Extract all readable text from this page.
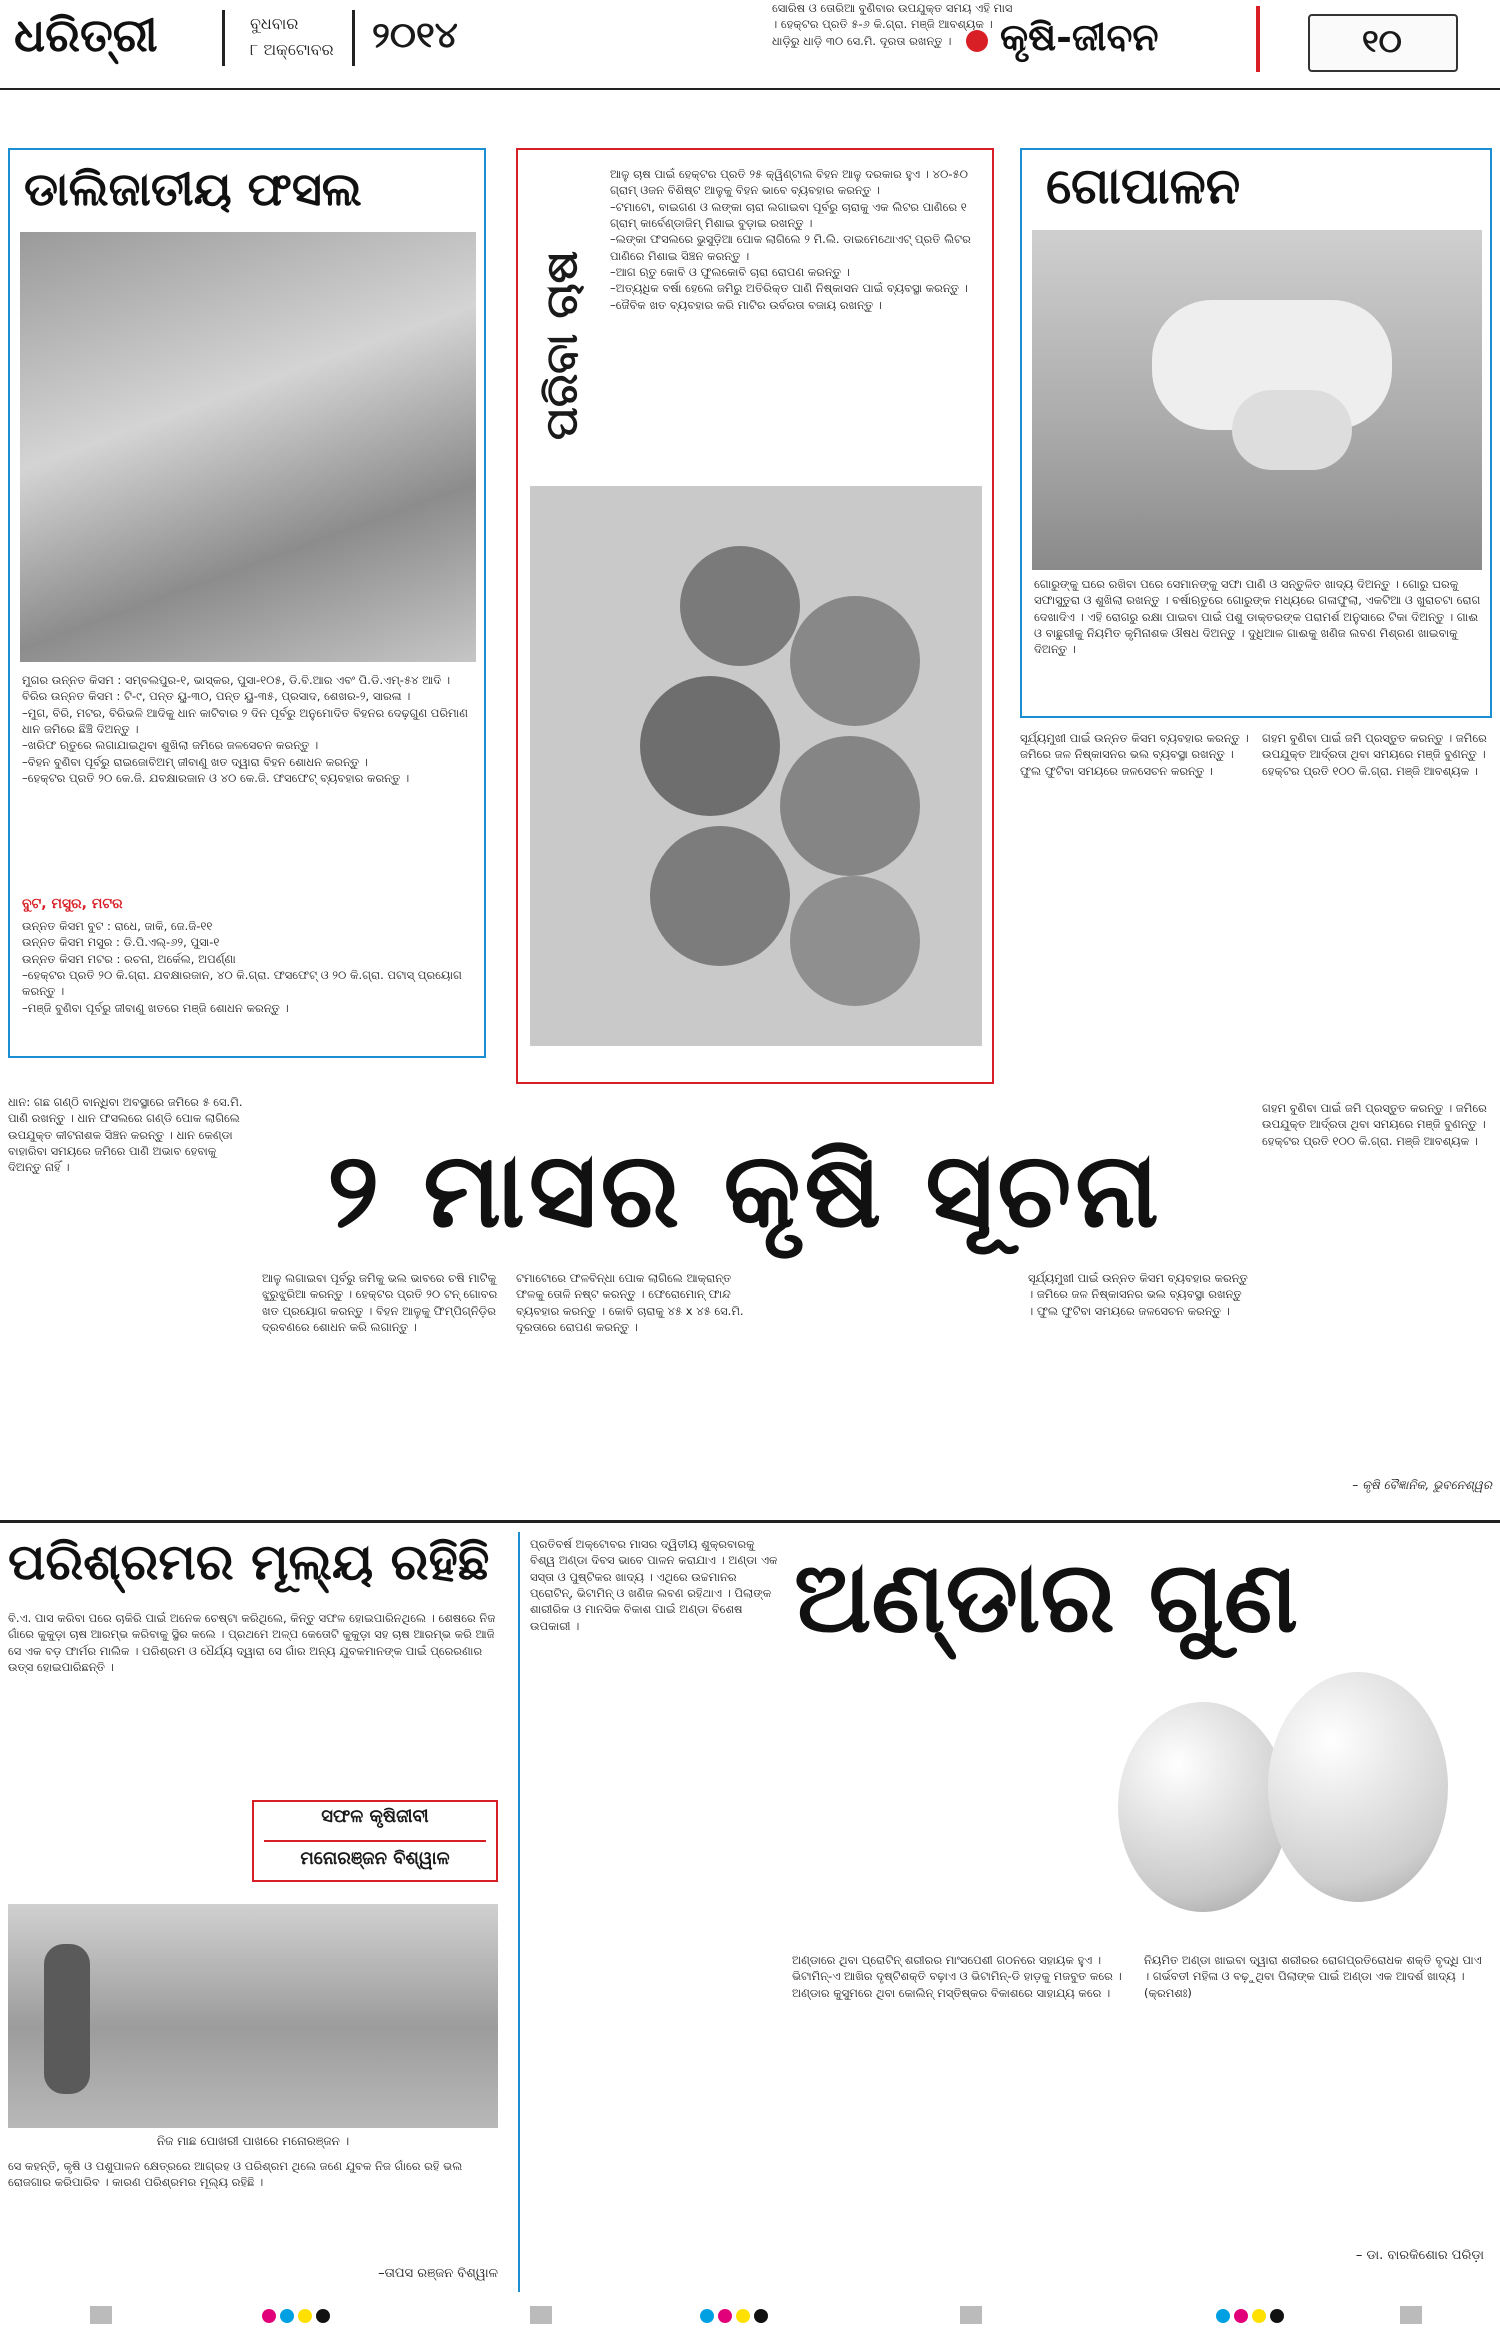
ଧରିତ୍ରୀ	ବୁଧବାର
୮ ଅକ୍ଟୋବର ୨୦୧୪	କୃଷି-ଜୀବନ	୧୦
ଡାଲିଜାତୀୟ ଫସଲ
ମୁଗର ଉନ୍ନତ କିସମ : ସମ୍ବଲପୁର-୧, ଭାସ୍କର, ପୁସା-୧୦୫, ଡି.ବି.ଆର ଏବଂ ପି.ଡି.ଏମ୍-୫୪ ଆଦି ।
ବିରିର ଉନ୍ନତ କିସମ : ଟି-୯, ପନ୍ତ ୟୁ-୩୦, ପନ୍ତ ୟୁ-୩୫, ପ୍ରସାଦ, ଶେଖର-୨, ସାରଳା ।
–ମୁଗ, ବିରି, ମଟର, ବିରିଭଳି ଆଦିକୁ ଧାନ କାଟିବାର ୨ ଦିନ ପୂର୍ବରୁ ଅନୁମୋଦିତ ବିହନର ଦେଢ଼ଗୁଣ ପରିମାଣ ଧାନ ଜମିରେ ଛିଞ୍ଚି ଦିଅନ୍ତୁ ।
–ଖରିଫ ଋତୁରେ ଲଗାଯାଇଥିବା ଶୁଖିଲା ଜମିରେ ଜଳସେଚନ କରନ୍ତୁ ।
–ବିହନ ବୁଣିବା ପୂର୍ବରୁ ରାଇଜୋବିଅମ୍ ଜୀବାଣୁ ଖତ ଦ୍ୱାରା ବିହନ ଶୋଧନ କରନ୍ତୁ ।
–ହେକ୍ଟର ପ୍ରତି ୨୦ କେ.ଜି. ଯବକ୍ଷାରଜାନ ଓ ୪୦ କେ.ଜି. ଫସଫେଟ୍ ବ୍ୟବହାର କରନ୍ତୁ ।
ବୁଟ, ମସୁର, ମଟର
ଉନ୍ନତ କିସମ ବୁଟ : ରାଧେ, ଜାକି, ଜେ.ଜି-୧୧
ଉନ୍ନତ କିସମ ମସୁର : ଡି.ପି.ଏଲ୍-୬୨, ପୁସା-୧
ଉନ୍ନତ କିସମ ମଟର : ରଚନା, ଅର୍କେଲ, ଅପର୍ଣ୍ଣା
–ହେକ୍ଟର ପ୍ରତି ୨୦ କି.ଗ୍ରା. ଯବକ୍ଷାରଜାନ, ୪୦ କି.ଗ୍ରା. ଫସଫେଟ୍ ଓ ୨୦ କି.ଗ୍ରା. ପଟାସ୍ ପ୍ରୟୋଗ କରନ୍ତୁ ।
–ମଞ୍ଜି ବୁଣିବା ପୂର୍ବରୁ ଜୀବାଣୁ ଖତରେ ମଞ୍ଜି ଶୋଧନ କରନ୍ତୁ ।
ପରିବା ଚାଷ
ଆଳୁ ଚାଷ ପାଇଁ ହେକ୍ଟର ପ୍ରତି ୨୫ କ୍ୱିଣ୍ଟାଲ ବିହନ ଆଳୁ ଦରକାର ହୁଏ । ୪୦-୫୦ ଗ୍ରାମ୍ ଓଜନ ବିଶିଷ୍ଟ ଆଳୁକୁ ବିହନ ଭାବେ ବ୍ୟବହାର କରନ୍ତୁ ।
–ଟମାଟୋ, ବାଇଗଣ ଓ ଲଙ୍କା ଚାରା ଲଗାଇବା ପୂର୍ବରୁ ଚାରାକୁ ଏକ ଲିଟର ପାଣିରେ ୧ ଗ୍ରାମ୍ କାର୍ବେଣ୍ଡାଜିମ୍ ମିଶାଇ ବୁଡ଼ାଇ ରଖନ୍ତୁ ।
–ଲଙ୍କା ଫସଲରେ ଭୁସୁଡ଼ିଆ ପୋକ ଲାଗିଲେ ୨ ମି.ଲି. ଡାଇମେଥୋଏଟ୍ ପ୍ରତି ଲିଟର ପାଣିରେ ମିଶାଇ ସିଞ୍ଚନ କରନ୍ତୁ ।
–ଆଗ ଋତୁ କୋବି ଓ ଫୁଲକୋବି ଚାରା ରୋପଣ କରନ୍ତୁ ।
–ଅତ୍ୟଧିକ ବର୍ଷା ହେଲେ ଜମିରୁ ଅତିରିକ୍ତ ପାଣି ନିଷ୍କାସନ ପାଇଁ ବ୍ୟବସ୍ଥା କରନ୍ତୁ ।
–ଜୈବିକ ଖତ ବ୍ୟବହାର କରି ମାଟିର ଉର୍ବରତା ବଜାୟ ରଖନ୍ତୁ ।
ଗୋପାଳନ
ଗୋରୁଙ୍କୁ ଘରେ ରଖିବା ପରେ ସେମାନଙ୍କୁ ସଫା ପାଣି ଓ ସନ୍ତୁଳିତ ଖାଦ୍ୟ ଦିଅନ୍ତୁ । ଗୋରୁ ଘରକୁ ସଫାସୁତୁରା ଓ ଶୁଖିଲା ରଖନ୍ତୁ । ବର୍ଷାଋତୁରେ ଗୋରୁଙ୍କ ମଧ୍ୟରେ ଗଳାଫୁଲା, ଏକଟିଆ ଓ ଖୁରାଚଟା ରୋଗ ଦେଖାଦିଏ । ଏହି ରୋଗରୁ ରକ୍ଷା ପାଇବା ପାଇଁ ପଶୁ ଡାକ୍ତରଙ୍କ ପରାମର୍ଶ ଅନୁସାରେ ଟିକା ଦିଅନ୍ତୁ । ଗାଈ ଓ ବାଛୁରୀକୁ ନିୟମିତ କୃମିନାଶକ ଔଷଧ ଦିଅନ୍ତୁ । ଦୁଧିଆଳ ଗାଈକୁ ଖଣିଜ ଲବଣ ମିଶ୍ରଣ ଖାଇବାକୁ ଦିଅନ୍ତୁ ।
ଧାନ: ଗଛ ଗଣ୍ଠି ବାନ୍ଧିବା ଅବସ୍ଥାରେ ଜମିରେ ୫ ସେ.ମି. ପାଣି ରଖନ୍ତୁ । ଧାନ ଫସଲରେ ଗଣ୍ଡି ପୋକ ଲାଗିଲେ ଉପଯୁକ୍ତ କୀଟନାଶକ ସିଞ୍ଚନ କରନ୍ତୁ । ଧାନ କେଣ୍ଡା ବାହାରିବା ସମୟରେ ଜମିରେ ପାଣି ଅଭାବ ହେବାକୁ ଦିଅନ୍ତୁ ନାହିଁ ।
ସୂର୍ଯ୍ୟମୁଖୀ ପାଇଁ ଉନ୍ନତ କିସମ ବ୍ୟବହାର କରନ୍ତୁ । ଜମିରେ ଜଳ ନିଷ୍କାସନର ଭଲ ବ୍ୟବସ୍ଥା ରଖନ୍ତୁ । ଫୁଲ ଫୁଟିବା ସମୟରେ ଜଳସେଚନ କରନ୍ତୁ ।
ଗହମ ବୁଣିବା ପାଇଁ ଜମି ପ୍ରସ୍ତୁତ କରନ୍ତୁ । ଜମିରେ ଉପଯୁକ୍ତ ଆର୍ଦ୍ରତା ଥିବା ସମୟରେ ମଞ୍ଜି ବୁଣନ୍ତୁ । ହେକ୍ଟର ପ୍ରତି ୧୦୦ କି.ଗ୍ରା. ମଞ୍ଜି ଆବଶ୍ୟକ ।
୨ ମାସର କୃଷି ସୂଚନା
ଆଳୁ ଲଗାଇବା ପୂର୍ବରୁ ଜମିକୁ ଭଲ ଭାବରେ ଚଷି ମାଟିକୁ ଝୁରୁଝୁରିଆ କରନ୍ତୁ । ହେକ୍ଟର ପ୍ରତି ୨୦ ଟନ୍ ଗୋବର ଖତ ପ୍ରୟୋଗ କରନ୍ତୁ । ବିହନ ଆଳୁକୁ ଫିମ୍ପିଗ୍ନିଡ଼ିର ଦ୍ରବଣରେ ଶୋଧନ କରି ଲଗାନ୍ତୁ ।
ଟମାଟୋରେ ଫଳବିନ୍ଧା ପୋକ ଲାଗିଲେ ଆକ୍ରାନ୍ତ ଫଳକୁ ତୋଳି ନଷ୍ଟ କରନ୍ତୁ । ଫେରୋମୋନ୍ ଫାନ୍ଦ ବ୍ୟବହାର କରନ୍ତୁ । କୋବି ଚାରାକୁ ୪୫ x ୪୫ ସେ.ମି. ଦୂରତାରେ ରୋପଣ କରନ୍ତୁ ।
ସୋରିଷ ଓ ତୋରିଆ ବୁଣିବାର ଉପଯୁକ୍ତ ସମୟ ଏହି ମାସ । ହେକ୍ଟର ପ୍ରତି ୫-୬ କି.ଗ୍ରା. ମଞ୍ଜି ଆବଶ୍ୟକ । ଧାଡ଼ିରୁ ଧାଡ଼ି ୩୦ ସେ.ମି. ଦୂରତା ରଖନ୍ତୁ ।
ସୂର୍ଯ୍ୟମୁଖୀ ପାଇଁ ଉନ୍ନତ କିସମ ବ୍ୟବହାର କରନ୍ତୁ । ଜମିରେ ଜଳ ନିଷ୍କାସନର ଭଲ ବ୍ୟବସ୍ଥା ରଖନ୍ତୁ । ଫୁଲ ଫୁଟିବା ସମୟରେ ଜଳସେଚନ କରନ୍ତୁ ।
ଗହମ ବୁଣିବା ପାଇଁ ଜମି ପ୍ରସ୍ତୁତ କରନ୍ତୁ । ଜମିରେ ଉପଯୁକ୍ତ ଆର୍ଦ୍ରତା ଥିବା ସମୟରେ ମଞ୍ଜି ବୁଣନ୍ତୁ । ହେକ୍ଟର ପ୍ରତି ୧୦୦ କି.ଗ୍ରା. ମଞ୍ଜି ଆବଶ୍ୟକ ।
– କୃଷି ବୈଜ୍ଞାନିକ, ଭୁବନେଶ୍ୱର
ପରିଶ୍ରମର ମୂଲ୍ୟ ରହିଛି
ବି.ଏ. ପାସ କରିବା ପରେ ଚାକିରି ପାଇଁ ଅନେକ ଚେଷ୍ଟା କରିଥିଲେ, କିନ୍ତୁ ସଫଳ ହୋଇପାରିନଥିଲେ । ଶେଷରେ ନିଜ ଗାଁରେ କୁକୁଡ଼ା ଚାଷ ଆରମ୍ଭ କରିବାକୁ ସ୍ଥିର କଲେ । ପ୍ରଥମେ ଅଳ୍ପ କେତୋଟି କୁକୁଡ଼ା ସହ ଚାଷ ଆରମ୍ଭ କରି ଆଜି ସେ ଏକ ବଡ଼ ଫାର୍ମର ମାଲିକ । ପରିଶ୍ରମ ଓ ଧୈର୍ଯ୍ୟ ଦ୍ୱାରା ସେ ଗାଁର ଅନ୍ୟ ଯୁବକମାନଙ୍କ ପାଇଁ ପ୍ରେରଣାର ଉତ୍ସ ହୋଇପାରିଛନ୍ତି ।
ସଫଳ କୃଷିଜୀବୀ
ମନୋରଞ୍ଜନ ବିଶ୍ୱାଳ
ନିଜ ମାଛ ପୋଖରୀ ପାଖରେ ମନୋରଞ୍ଜନ ।
ସେ କହନ୍ତି, କୃଷି ଓ ପଶୁପାଳନ କ୍ଷେତ୍ରରେ ଆଗ୍ରହ ଓ ପରିଶ୍ରମ ଥିଲେ ଜଣେ ଯୁବକ ନିଜ ଗାଁରେ ରହି ଭଲ ରୋଜଗାର କରିପାରିବ । କାରଣ ପରିଶ୍ରମର ମୂଲ୍ୟ ରହିଛି ।
–ତାପସ ରଞ୍ଜନ ବିଶ୍ୱାଳ
ପ୍ରତିବର୍ଷ ଅକ୍ଟୋବର ମାସର ଦ୍ୱିତୀୟ ଶୁକ୍ରବାରକୁ ବିଶ୍ୱ ଅଣ୍ଡା ଦିବସ ଭାବେ ପାଳନ କରାଯାଏ । ଅଣ୍ଡା ଏକ ସସ୍ତା ଓ ପୁଷ୍ଟିକର ଖାଦ୍ୟ । ଏଥିରେ ଉଚ୍ଚମାନର ପ୍ରୋଟିନ୍, ଭିଟାମିନ୍ ଓ ଖଣିଜ ଲବଣ ରହିଥାଏ । ପିଲାଙ୍କ ଶାରୀରିକ ଓ ମାନସିକ ବିକାଶ ପାଇଁ ଅଣ୍ଡା ବିଶେଷ ଉପକାରୀ ।	ଅଣ୍ଡାର ଗୁଣ
ଅଣ୍ଡାରେ ଥିବା ପ୍ରୋଟିନ୍ ଶରୀରର ମାଂସପେଶୀ ଗଠନରେ ସହାୟକ ହୁଏ । ଭିଟାମିନ୍-ଏ ଆଖିର ଦୃଷ୍ଟିଶକ୍ତି ବଢ଼ାଏ ଓ ଭିଟାମିନ୍-ଡି ହାଡ଼କୁ ମଜବୁତ କରେ । ଅଣ୍ଡାର କୁସୁମରେ ଥିବା କୋଲିନ୍ ମସ୍ତିଷ୍କର ବିକାଶରେ ସାହାଯ୍ୟ କରେ ।
ନିୟମିତ ଅଣ୍ଡା ଖାଇବା ଦ୍ୱାରା ଶରୀରର ରୋଗପ୍ରତିରୋଧକ ଶକ୍ତି ବୃଦ୍ଧି ପାଏ । ଗର୍ଭବତୀ ମହିଳା ଓ ବଢ଼ୁଥିବା ପିଲାଙ୍କ ପାଇଁ ଅଣ୍ଡା ଏକ ଆଦର୍ଶ ଖାଦ୍ୟ । (କ୍ରମଶଃ)
– ଡା. ବାରକିଶୋର ପରିଡ଼ା
